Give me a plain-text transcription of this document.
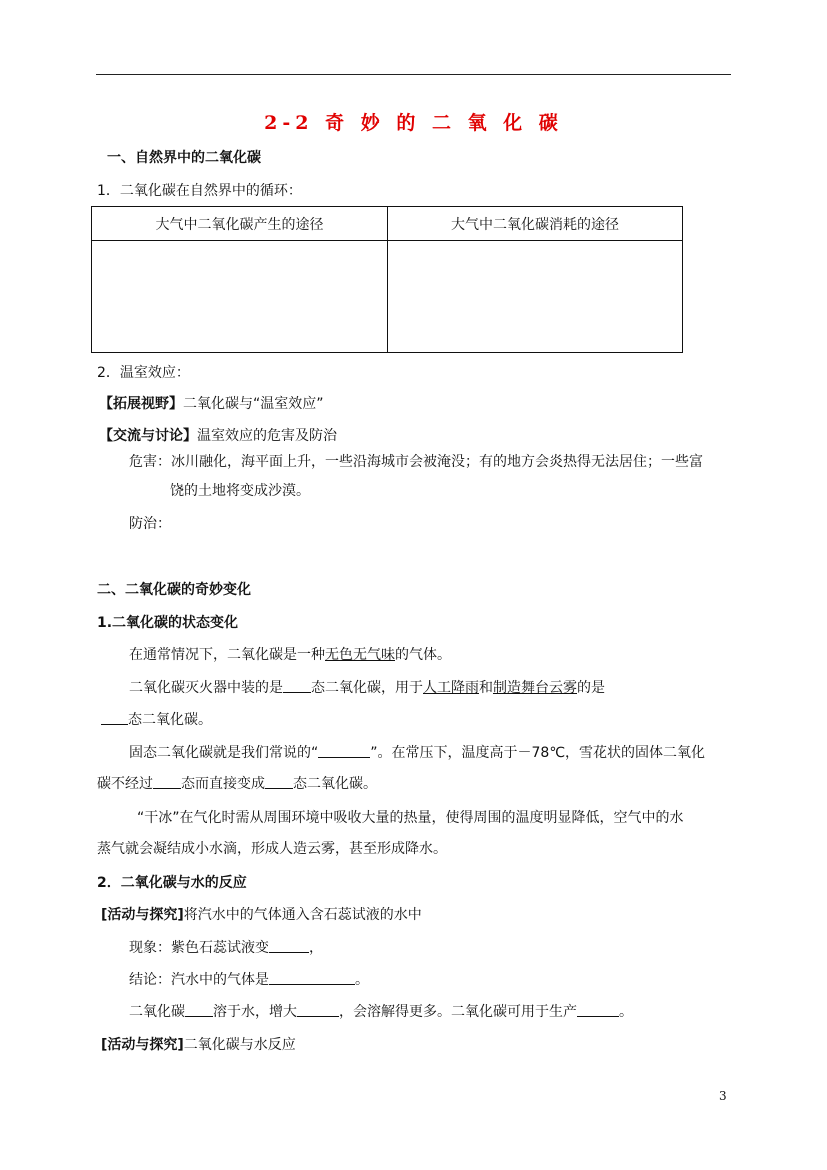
2-2 奇 妙 的 二 氧 化 碳
一、自然界中的二氧化碳
1．二氧化碳在自然界中的循环：
大气中二氧化碳产生的途径	大气中二氧化碳消耗的途径
2．温室效应：
【拓展视野】二氧化碳与“温室效应”
【交流与讨论】温室效应的危害及防治
危害：冰川融化，海平面上升，一些沿海城市会被淹没；有的地方会炎热得无法居住；一些富
饶的土地将变成沙漠。
防治：
二、二氧化碳的奇妙变化
1.二氧化碳的状态变化
在通常情况下，二氧化碳是一种无色无气味的气体。
二氧化碳灭火器中装的是 态二氧化碳，用于人工降雨和制造舞台云雾的是
态二氧化碳。
固态二氧化碳就是我们常说的“	”。在常压下，温度高于－78℃，雪花状的固体二氧化
碳不经过 态而直接变成 态二氧化碳。
“干冰”在气化时需从周围环境中吸收大量的热量，使得周围的温度明显降低，空气中的水
蒸气就会凝结成小水滴，形成人造云雾，甚至形成降水。
2．二氧化碳与水的反应
[活动与探究]将汽水中的气体通入含石蕊试液的水中
现象：紫色石蕊试液变	，
结论：汽水中的气体是	。
二氧化碳 溶于水，增大	，会溶解得更多。二氧化碳可用于生产	。
[活动与探究]二氧化碳与水反应
3
